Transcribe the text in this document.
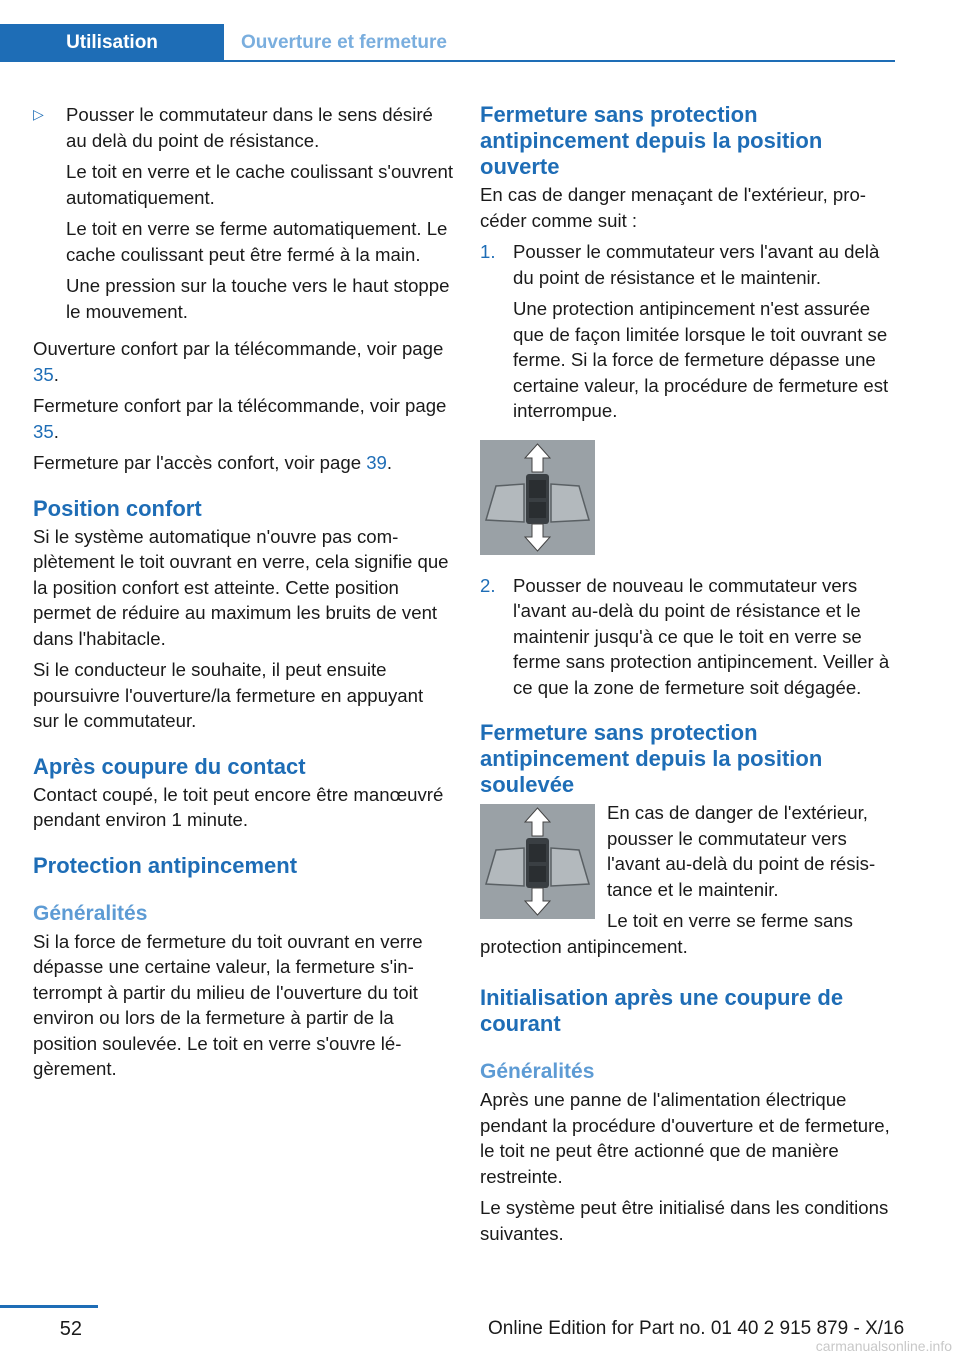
Utilisation	Ouverture et fermeture
▷ Pousser le commutateur dans le sens désiré au delà du point de résistance.

Le toit en verre et le cache coulissant s'ouvrent automatiquement.

Le toit en verre se ferme automatiquement. Le cache coulissant peut être fermé à la main.

Une pression sur la touche vers le haut stoppe le mouvement.

Ouverture confort par la télécommande, voir page 35.

Fermeture confort par la télécommande, voir page 35.

Fermeture par l'accès confort, voir page 39.

Position confort

Si le système automatique n'ouvre pas complètement le toit ouvrant en verre, cela signifie que la position confort est atteinte. Cette position permet de réduire au maximum les bruits de vent dans l'habitacle.

Si le conducteur le souhaite, il peut ensuite poursuivre l'ouverture/la fermeture en appuyant sur le commutateur.

Après coupure du contact

Contact coupé, le toit peut encore être manœuvré pendant environ 1 minute.

Protection antipincement
Généralités

Si la force de fermeture du toit ouvrant en verre dépasse une certaine valeur, la fermeture s'interrompt à partir du milieu de l'ouverture du toit environ ou lors de la fermeture à partir de la position soulevée. Le toit en verre s'ouvre légèrement.

Fermeture sans protection antipincement depuis la position ouverte

En cas de danger menaçant de l'extérieur, procéder comme suit :

1. Pousser le commutateur vers l'avant au delà du point de résistance et le maintenir.

Une protection antipincement n'est assurée que de façon limitée lorsque le toit ouvrant se ferme. Si la force de fermeture dépasse une certaine valeur, la procédure de fermeture est interrompue.

2. Pousser de nouveau le commutateur vers l'avant au-delà du point de résistance et le maintenir jusqu'à ce que le toit en verre se ferme sans protection antipincement. Veiller à ce que la zone de fermeture soit dégagée.

Fermeture sans protection antipincement depuis la position soulevée

En cas de danger de l'extérieur, pousser le commutateur vers l'avant au-delà du point de résistance et le maintenir.

Le toit en verre se ferme sans protection antipincement.

Initialisation après une coupure de courant
Généralités

Après une panne de l'alimentation électrique pendant la procédure d'ouverture et de fermeture, le toit ne peut être actionné que de manière restreinte.

Le système peut être initialisé dans les conditions suivantes.

52	Online Edition for Part no. 01 40 2 915 879 - X/16
carmanualsonline.info
